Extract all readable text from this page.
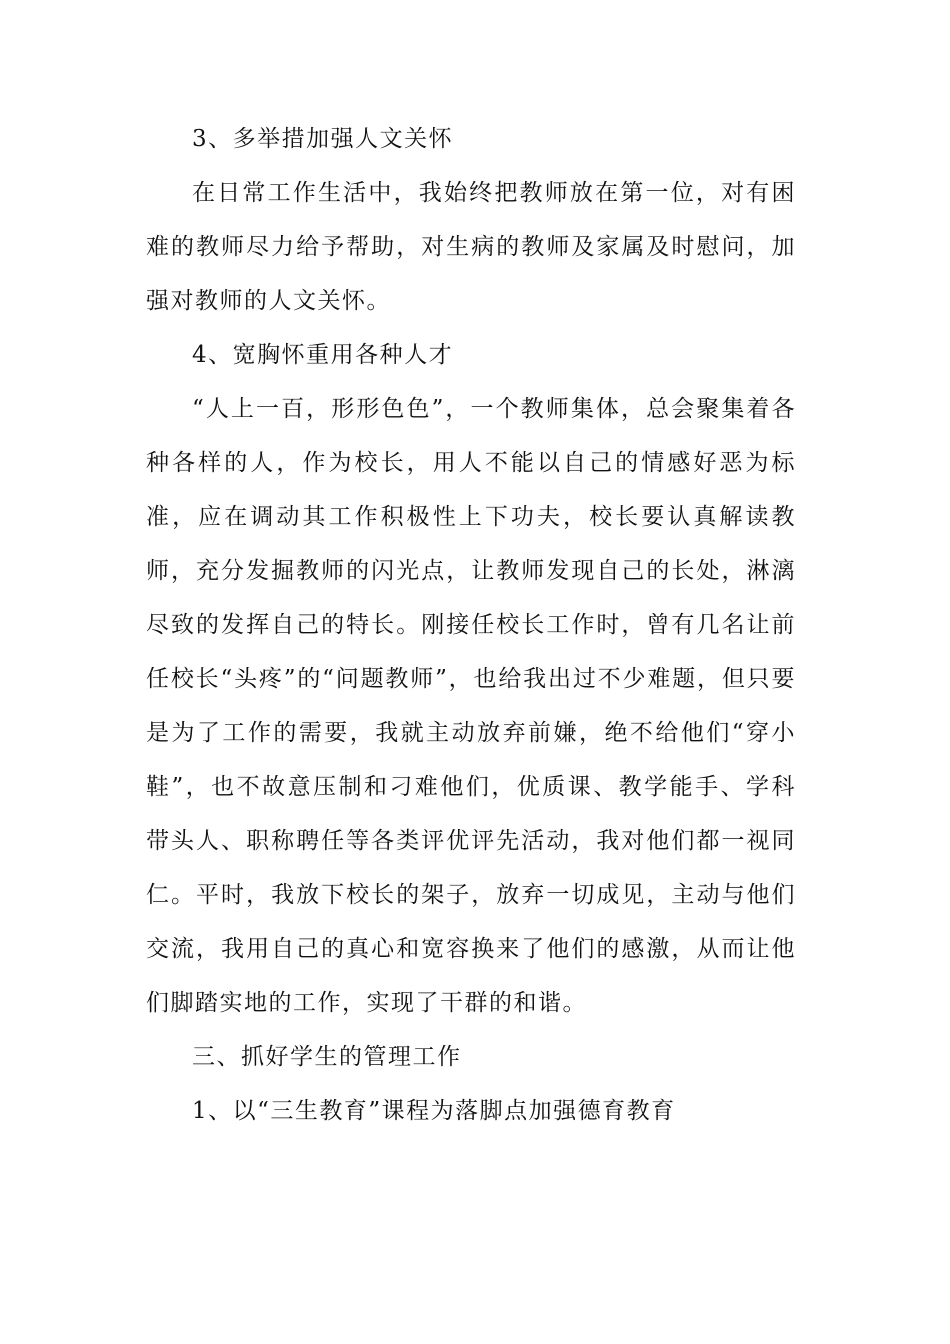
3、多举措加强人文关怀

在日常工作生活中，我始终把教师放在第一位，对有困难的教师尽力给予帮助，对生病的教师及家属及时慰问，加强对教师的人文关怀。

4、宽胸怀重用各种人才

“人上一百，形形色色”，一个教师集体，总会聚集着各种各样的人，作为校长，用人不能以自己的情感好恶为标准，应在调动其工作积极性上下功夫，校长要认真解读教师，充分发掘教师的闪光点，让教师发现自己的长处，淋漓尽致的发挥自己的特长。刚接任校长工作时，曾有几名让前任校长“头疼”的“问题教师”，也给我出过不少难题，但只要是为了工作的需要，我就主动放弃前嫌，绝不给他们“穿小鞋”，也不故意压制和刁难他们，优质课、教学能手、学科带头人、职称聘任等各类评优评先活动，我对他们都一视同仁。平时，我放下校长的架子，放弃一切成见，主动与他们交流，我用自己的真心和宽容换来了他们的感激，从而让他们脚踏实地的工作，实现了干群的和谐。

三、抓好学生的管理工作

1、以“三生教育”课程为落脚点加强德育教育
